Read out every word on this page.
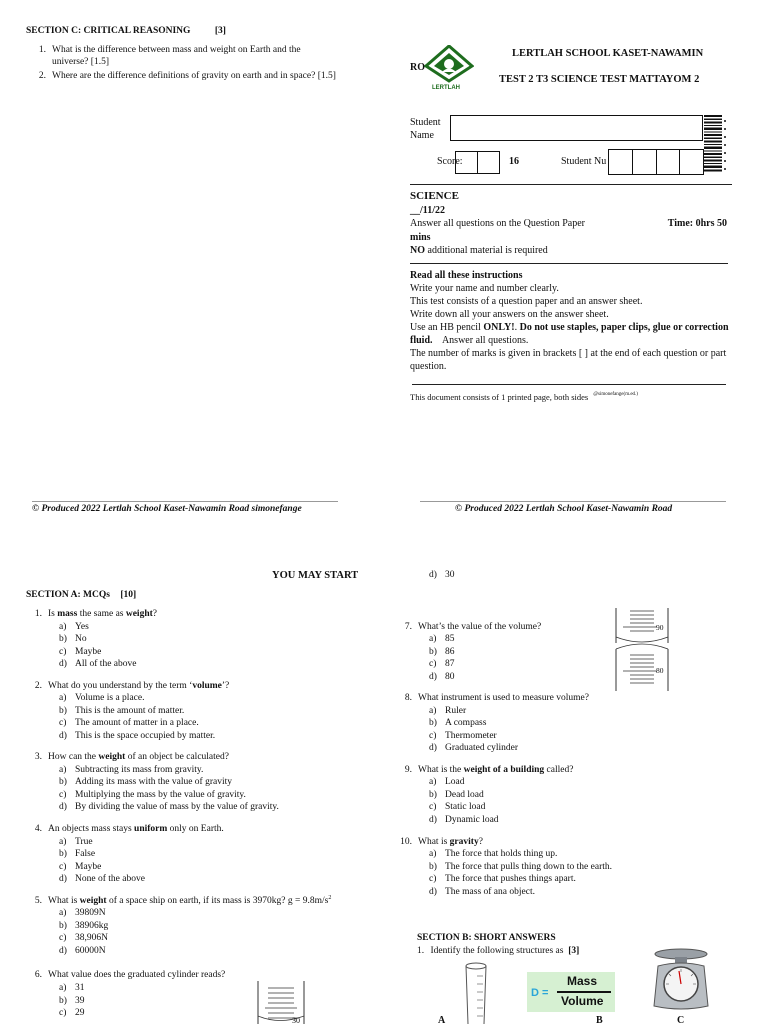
SECTION C: CRITICAL REASONING	[3]
1. What is the difference between mass and weight on Earth and the universe? [1.5]
2. Where are the difference definitions of gravity on earth and in space? [1.5]
RO
LERTLAH
LERTLAH SCHOOL KASET-NAWAMIN
TEST 2 T3 SCIENCE TEST MATTAYOM 2
Student
Name
Score:	16	Student Nu
SCIENCE
__/11/22
Answer all questions on the Question Paper	Time: 0hrs 50
mins
NO additional material is required
Read all these instructions
Write your name and number clearly.
This test consists of a question paper and an answer sheet.
Write down all your answers on the answer sheet.
Use an HB pencil ONLY!. Do not use staples, paper clips, glue or correction fluid.    Answer all questions.
The number of marks is given in brackets [ ] at the end of each question or part question.
This document consists of 1 printed page, both sides $^{@simonefange(m.ed.)}$
© Produced 2022 Lertlah School Kaset-Nawamin Road simonefange	© Produced 2022 Lertlah School Kaset-Nawamin Road
YOU MAY START
SECTION A: MCQs [10]
1. Is mass the same as weight?
a) Yes
b) No
c) Maybe
d) All of the above
2. What do you understand by the term ‘volume’?
a) Volume is a place.
b) This is the amount of matter.
c) The amount of matter in a place.
d) This is the space occupied by matter.
3. How can the weight of an object be calculated?
a) Subtracting its mass from gravity.
b) Adding its mass with the value of gravity
c) Multiplying the mass by the value of gravity.
d) By dividing the value of mass by the value of gravity.
4. An objects mass stays uniform only on Earth.
a) True
b) False
c) Maybe
d) None of the above
5. What is weight of a space ship on earth, if its mass is 3970kg? $g = 9.8m/s^2$
a) 39809N
b) 38906kg
c) 38,906N
d) 60000N
6. What value does the graduated cylinder reads?
a) 31
b) 39
c) 29
30
d) 30
7. What’s the value of the volume?
a) 85
b) 86
c) 87
d) 80
8. What instrument is used to measure volume?
a) Ruler
b) A compass
c) Thermometer
d) Graduated cylinder
9. What is the weight of a building called?
a) Load
b) Dead load
c) Static load
d) Dynamic load
10. What is gravity?
a) The force that holds thing up.
b) The force that pulls thing down to the earth.
c) The force that pushes things apart.
d) The mass of ana object.
90
80
SECTION B: SHORT ANSWERS
1. Identify the following structures as  [3]
A
D =
Mass
Volume
B	C
